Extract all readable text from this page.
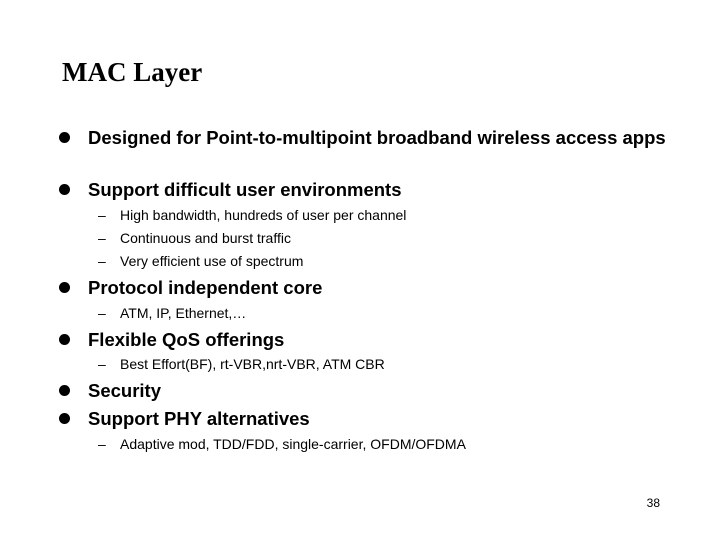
MAC Layer
Designed for Point-to-multipoint broadband wireless access apps
Support difficult user environments
– High bandwidth, hundreds of user per channel
– Continuous and burst traffic
– Very efficient use of spectrum
Protocol independent core
– ATM, IP, Ethernet,…
Flexible QoS offerings
– Best Effort(BF), rt-VBR,nrt-VBR, ATM CBR
Security
Support PHY alternatives
– Adaptive mod, TDD/FDD, single-carrier, OFDM/OFDMA
38
